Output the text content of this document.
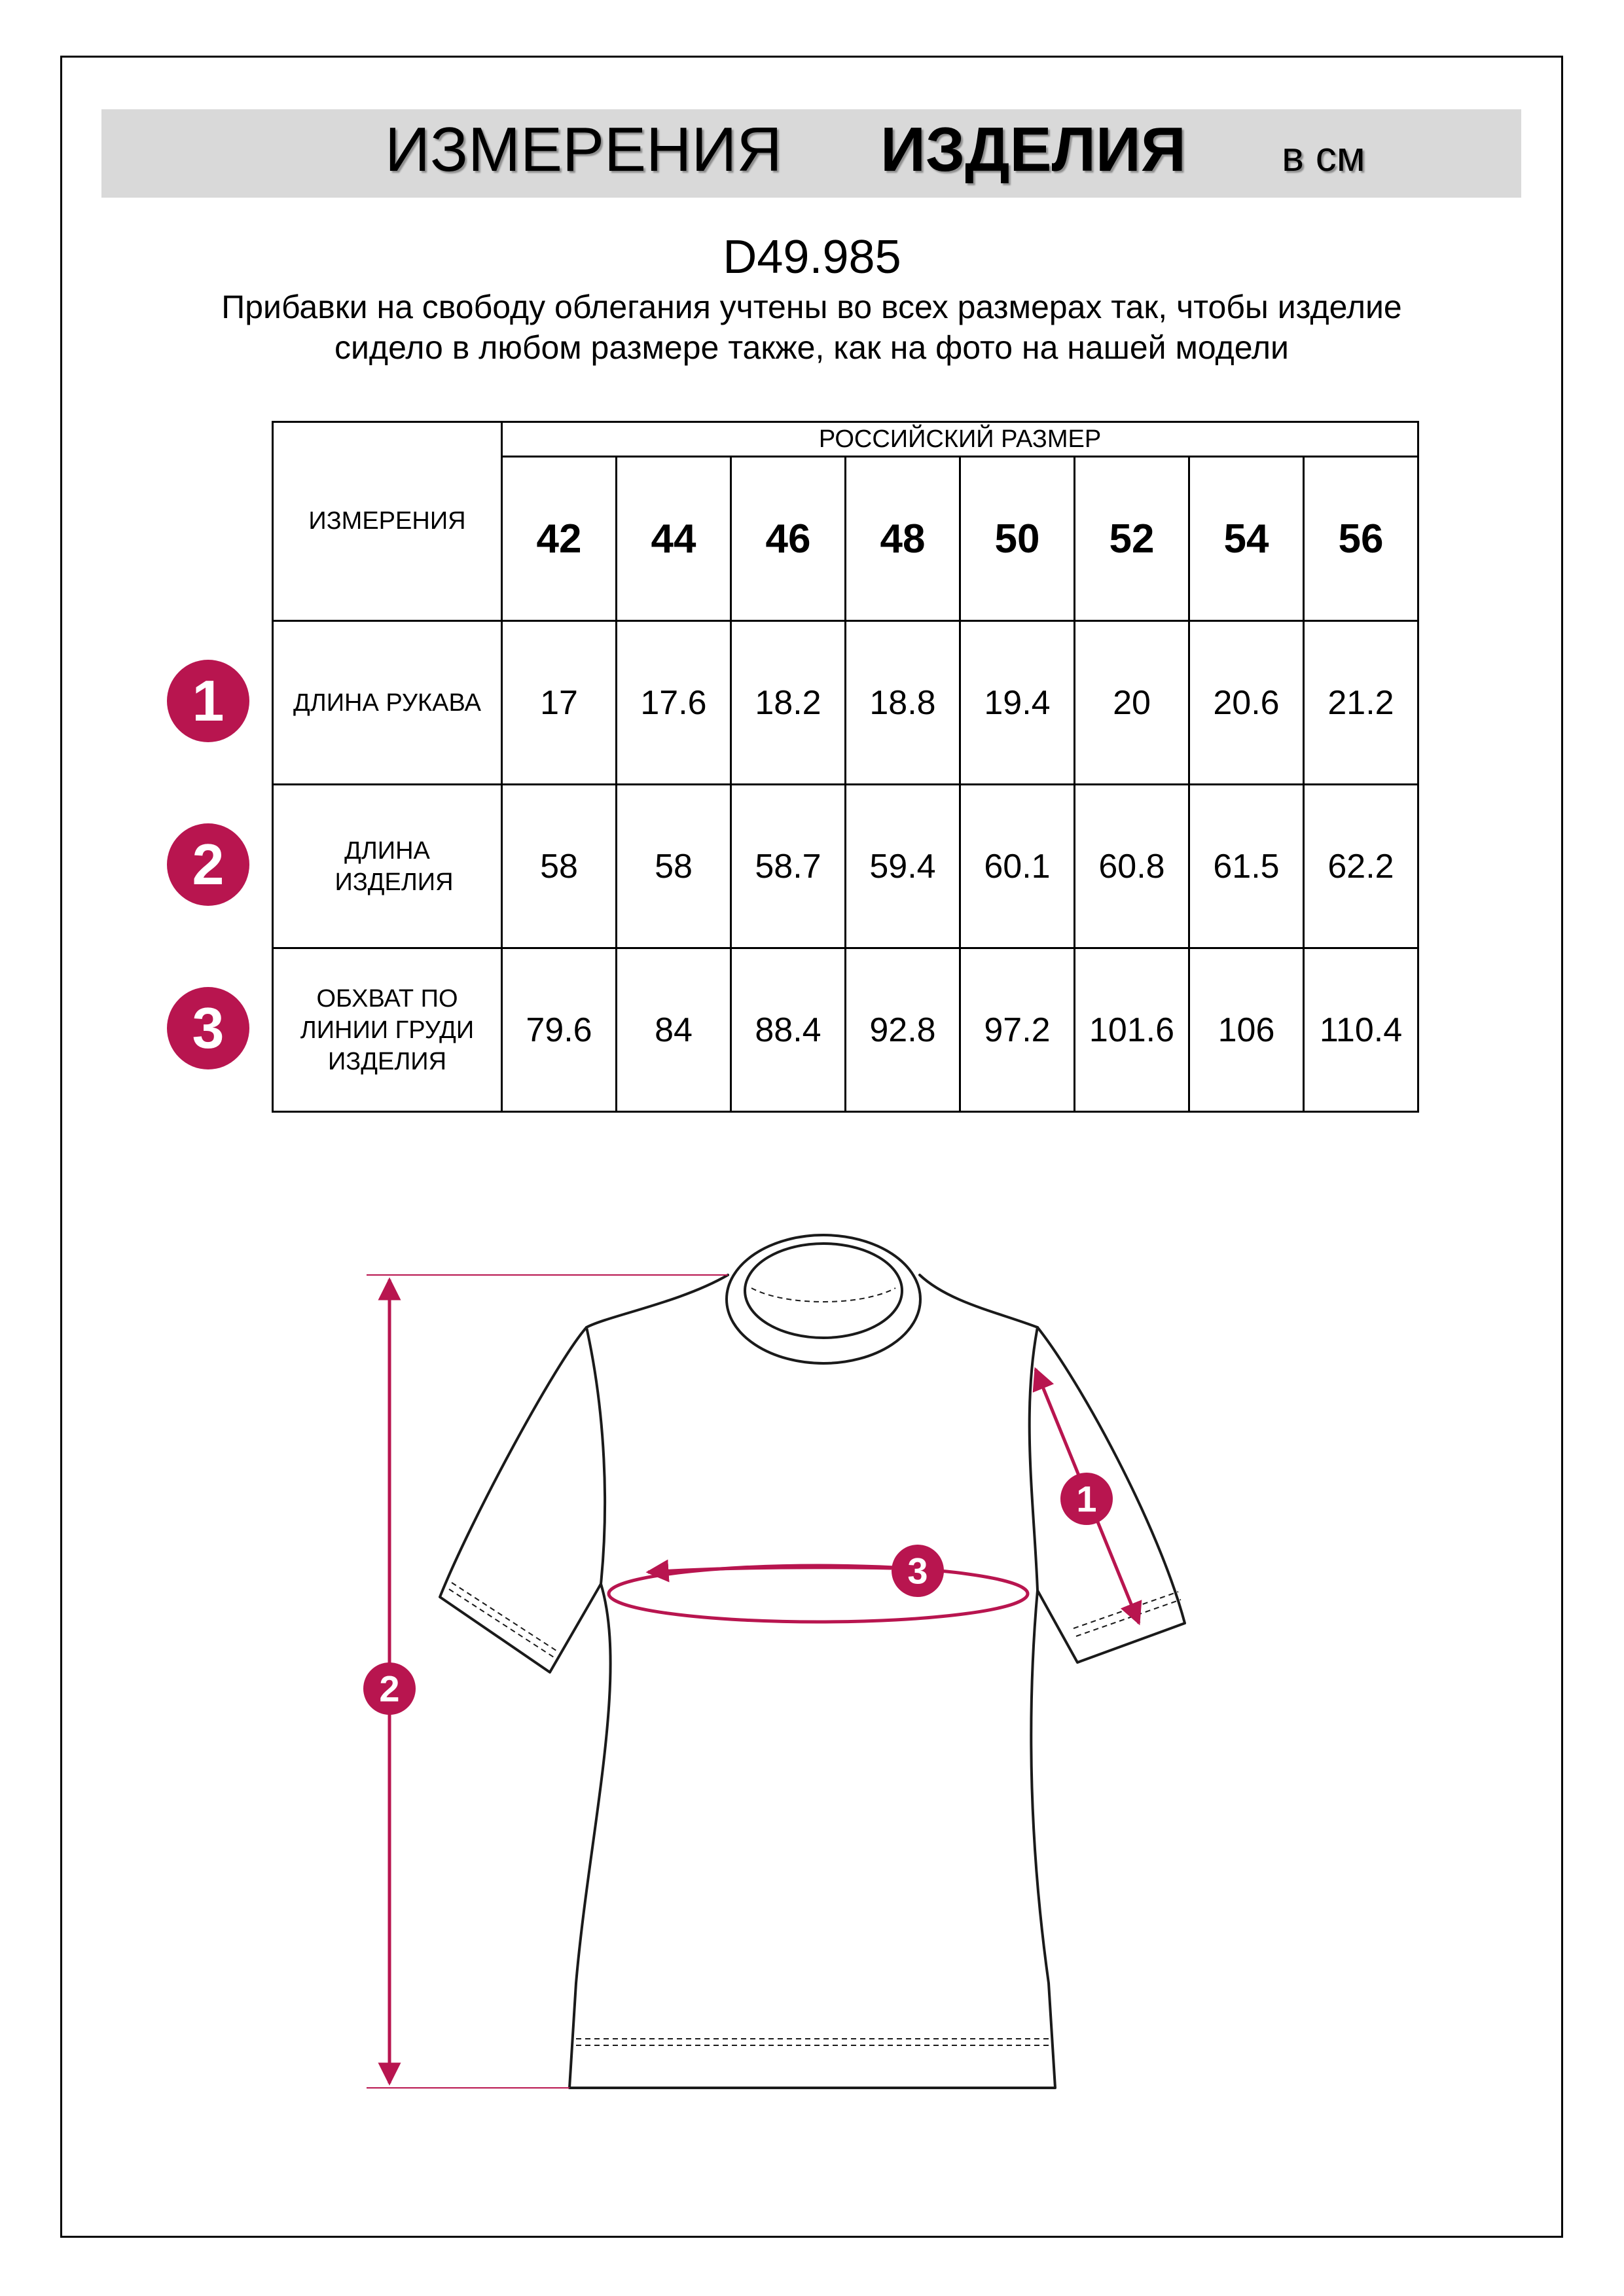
ИЗМЕРЕНИЯ ИЗДЕЛИЯ в см
D49.985
Прибавки на свободу облегания учтены во всех размерах так, чтобы изделие сидело в любом размере также, как на фото на нашей модели
ИЗМЕРЕНИЯ	РОССИЙСКИЙ РАЗМЕР							
	42	44	46	48	50	52	54	56
ДЛИНА РУКАВА	17	17.6	18.2	18.8	19.4	20	20.6	21.2

ДЛИНА ИЗДЕЛИЯ	58	58	58.7	59.4	60.1	60.8	61.5	62.2

ОБХВАТ ПО ЛИНИИ ГРУДИ ИЗДЕЛИЯ	79.6	84	88.4	92.8	97.2	101.6	106	110.4
1
2
3
1
2
3
